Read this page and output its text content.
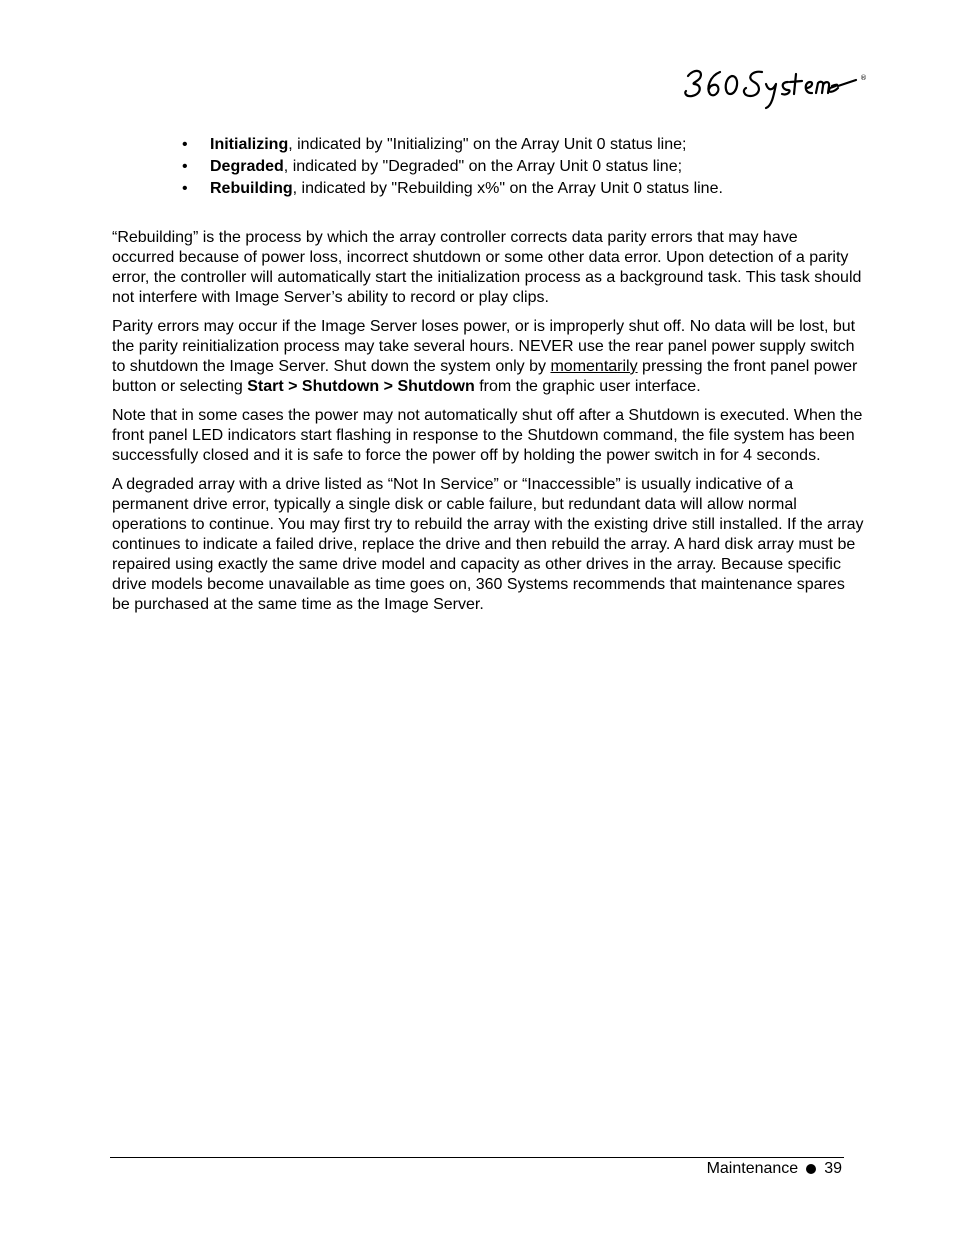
®
• Initializing, indicated by "Initializing" on the Array Unit 0 status line;
• Degraded, indicated by "Degraded" on the Array Unit 0 status line;
• Rebuilding, indicated by "Rebuilding x%" on the Array Unit 0 status line.

“Rebuilding” is the process by which the array controller corrects data parity errors that may have occurred because of power loss, incorrect shutdown or some other data error. Upon detection of a parity error, the controller will automatically start the initialization process as a background task. This task should not interfere with Image Server’s ability to record or play clips.

Parity errors may occur if the Image Server loses power, or is improperly shut off. No data will be lost, but the parity reinitialization process may take several hours. NEVER use the rear panel power supply switch to shutdown the Image Server. Shut down the system only by momentarily pressing the front panel power button or selecting Start > Shutdown > Shutdown from the graphic user interface.

Note that in some cases the power may not automatically shut off after a Shutdown is executed. When the front panel LED indicators start flashing in response to the Shutdown command, the file system has been successfully closed and it is safe to force the power off by holding the power switch in for 4 seconds.

A degraded array with a drive listed as “Not In Service” or “Inaccessible” is usually indicative of a permanent drive error, typically a single disk or cable failure, but redundant data will allow normal operations to continue. You may first try to rebuild the array with the existing drive still installed. If the array continues to indicate a failed drive, replace the drive and then rebuild the array. A hard disk array must be repaired using exactly the same drive model and capacity as other drives in the array. Because specific drive models become unavailable as time goes on, 360 Systems recommends that maintenance spares be purchased at the same time as the Image Server.

Maintenance 39
